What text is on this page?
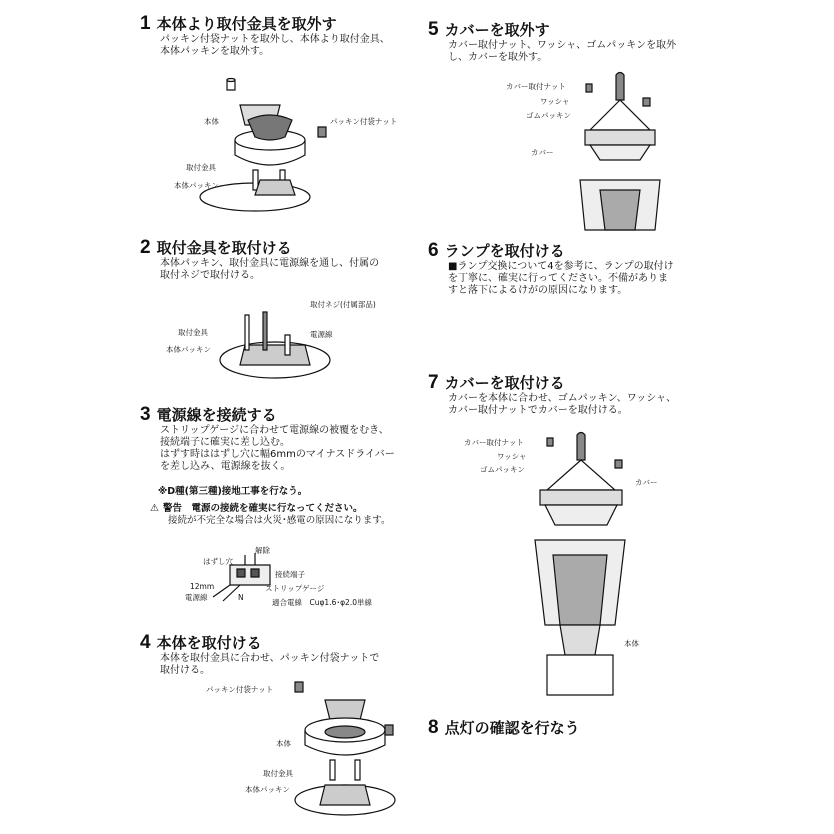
1 本体より取付金具を取外す
パッキン付袋ナットを取外し、本体より取付金具、
本体パッキンを取外す。
本体	パッキン付袋ナット
取付金具
本体パッキン
2 取付金具を取付ける
本体パッキン、取付金具に電源線を通し、付属の
取付ネジで取付ける。
取付ネジ(付属部品)
電源線
取付金具
本体パッキン
3 電源線を接続する
ストリップゲージに合わせて電源線の被覆をむき、
接続端子に確実に差し込む。
はずす時ははずし穴に幅6mmのマイナスドライバー
を差し込み、電源線を抜く。
※D種(第三種)接地工事を行なう。
⚠ 警告　電源の接続を確実に行なってください。
接続が不完全な場合は火災･感電の原因になります。
解除
はずし穴
接続端子
ストリップゲージ
12mm
電源線	N
適合電線　Cuφ1.6･φ2.0単線
4 本体を取付ける
本体を取付金具に合わせ、パッキン付袋ナットで
取付ける。
パッキン付袋ナット
本体
取付金具
本体パッキン
5 カバーを取外す
カバー取付ナット、ワッシャ、ゴムパッキンを取外
し、カバーを取外す。
カバー取付ナット
ワッシャ
ゴムパッキン
カバー
6 ランプを取付ける
■ランプ交換について4を参考に、ランプの取付け
を丁寧に、確実に行ってください。不備がありま
すと落下によるけがの原因になります。
7 カバーを取付ける
カバーを本体に合わせ、ゴムパッキン、ワッシャ、
カバー取付ナットでカバーを取付ける。
カバー取付ナット
ワッシャ
ゴムパッキン
カバー
本体
8 点灯の確認を行なう
